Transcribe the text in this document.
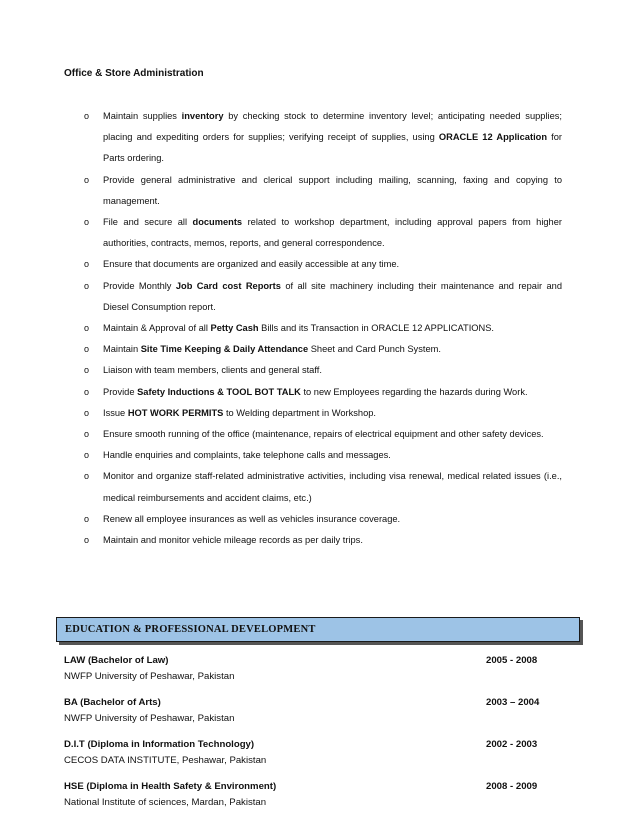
Office & Store Administration
o Maintain supplies inventory by checking stock to determine inventory level; anticipating needed supplies; placing and expediting orders for supplies; verifying receipt of supplies, using ORACLE 12 Application for Parts ordering.
o Provide general administrative and clerical support including mailing, scanning, faxing and copying to management.
o File and secure all documents related to workshop department, including approval papers from higher authorities, contracts, memos, reports, and general correspondence.
o Ensure that documents are organized and easily accessible at any time.
o Provide Monthly Job Card cost Reports of all site machinery including their maintenance and repair and Diesel Consumption report.
o Maintain & Approval of all Petty Cash Bills and its Transaction in ORACLE 12 APPLICATIONS.
o Maintain Site Time Keeping & Daily Attendance Sheet and Card Punch System.
o Liaison with team members, clients and general staff.
o Provide Safety Inductions & TOOL BOT TALK to new Employees regarding the hazards during Work.
o Issue HOT WORK PERMITS to Welding department in Workshop.
o Ensure smooth running of the office (maintenance, repairs of electrical equipment and other safety devices.
o Handle enquiries and complaints, take telephone calls and messages.
o Monitor and organize staff-related administrative activities, including visa renewal, medical related issues (i.e., medical reimbursements and accident claims, etc.)
o Renew all employee insurances as well as vehicles insurance coverage.
o Maintain and monitor vehicle mileage records as per daily trips.
EDUCATION & PROFESSIONAL DEVELOPMENT
LAW (Bachelor of Law)
NWFP University of Peshawar, Pakistan
2005 - 2008
BA (Bachelor of Arts)
NWFP University of Peshawar, Pakistan
2003 – 2004
D.I.T (Diploma in Information Technology)
CECOS DATA INSTITUTE, Peshawar, Pakistan
2002 - 2003
HSE (Diploma in Health Safety & Environment)
National Institute of sciences, Mardan, Pakistan
2008 - 2009
